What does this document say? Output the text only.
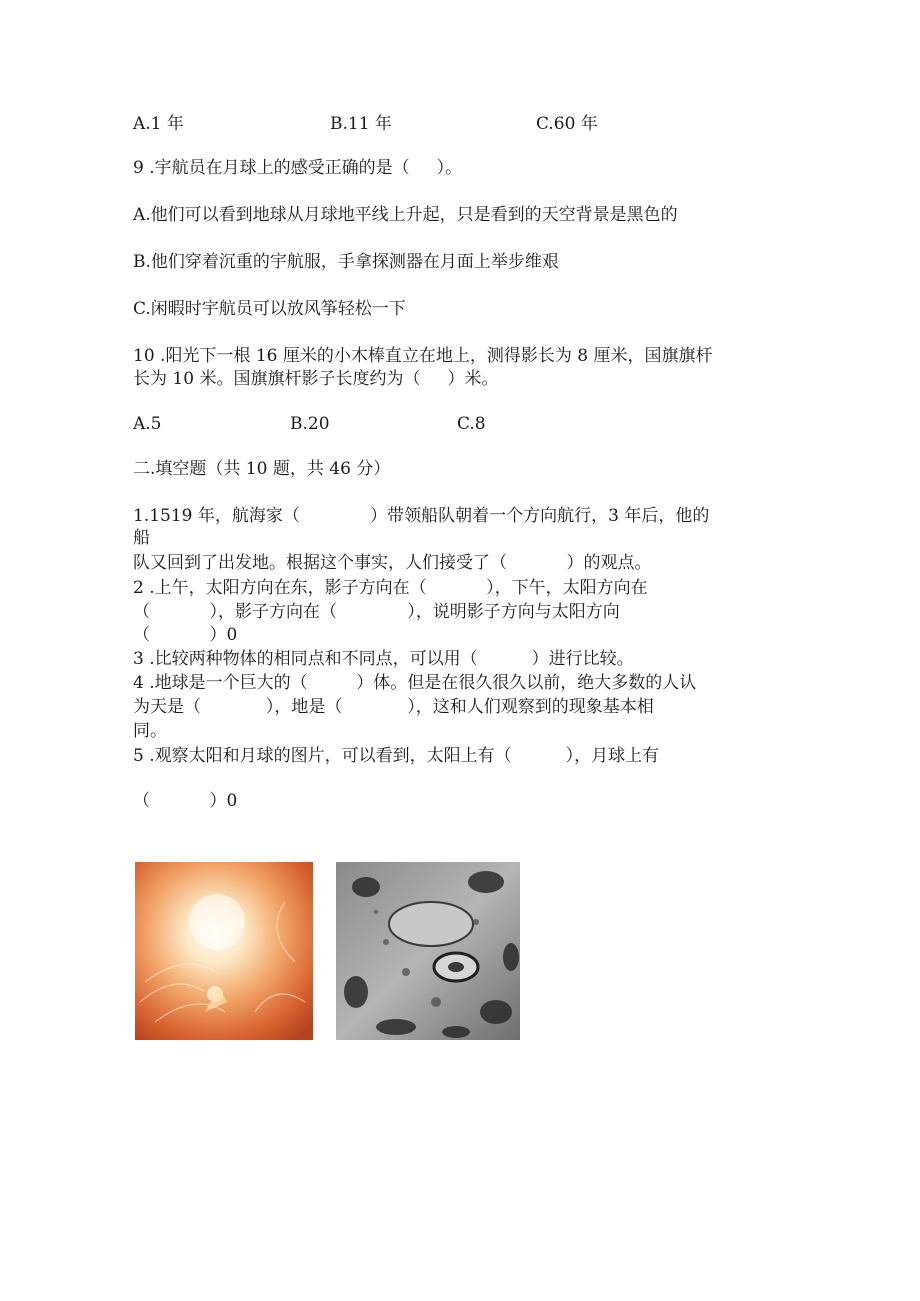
A.1 年	B.11 年	C.60 年
9 .宇航员在月球上的感受正确的是（     ）。
A.他们可以看到地球从月球地平线上升起，只是看到的天空背景是黑色的
B.他们穿着沉重的宇航服，手拿探测器在月面上举步维艰
C.闲暇时宇航员可以放风筝轻松一下
10 .阳光下一根 16 厘米的小木棒直立在地上，测得影长为 8 厘米，国旗旗杆
长为 10 米。国旗旗杆影子长度约为（     ）米。
A.5	B.20	C.8
二.填空题（共 10 题，共 46 分）
1.1519 年，航海家（             ）带领船队朝着一个方向航行，3 年后，他的
船
队又回到了出发地。根据这个事实，人们接受了（           ）的观点。
2 .上午，太阳方向在东，影子方向在（           ），下午，太阳方向在
（           ），影子方向在（             ），说明影子方向与太阳方向
（           ）0
3 .比较两种物体的相同点和不同点，可以用（          ）进行比较。
4 .地球是一个巨大的（         ）体。但是在很久很久以前，绝大多数的人认
为天是（            ），地是（            ），这和人们观察到的现象基本相
同。
5 .观察太阳和月球的图片，可以看到，太阳上有（          ），月球上有
（           ）0
